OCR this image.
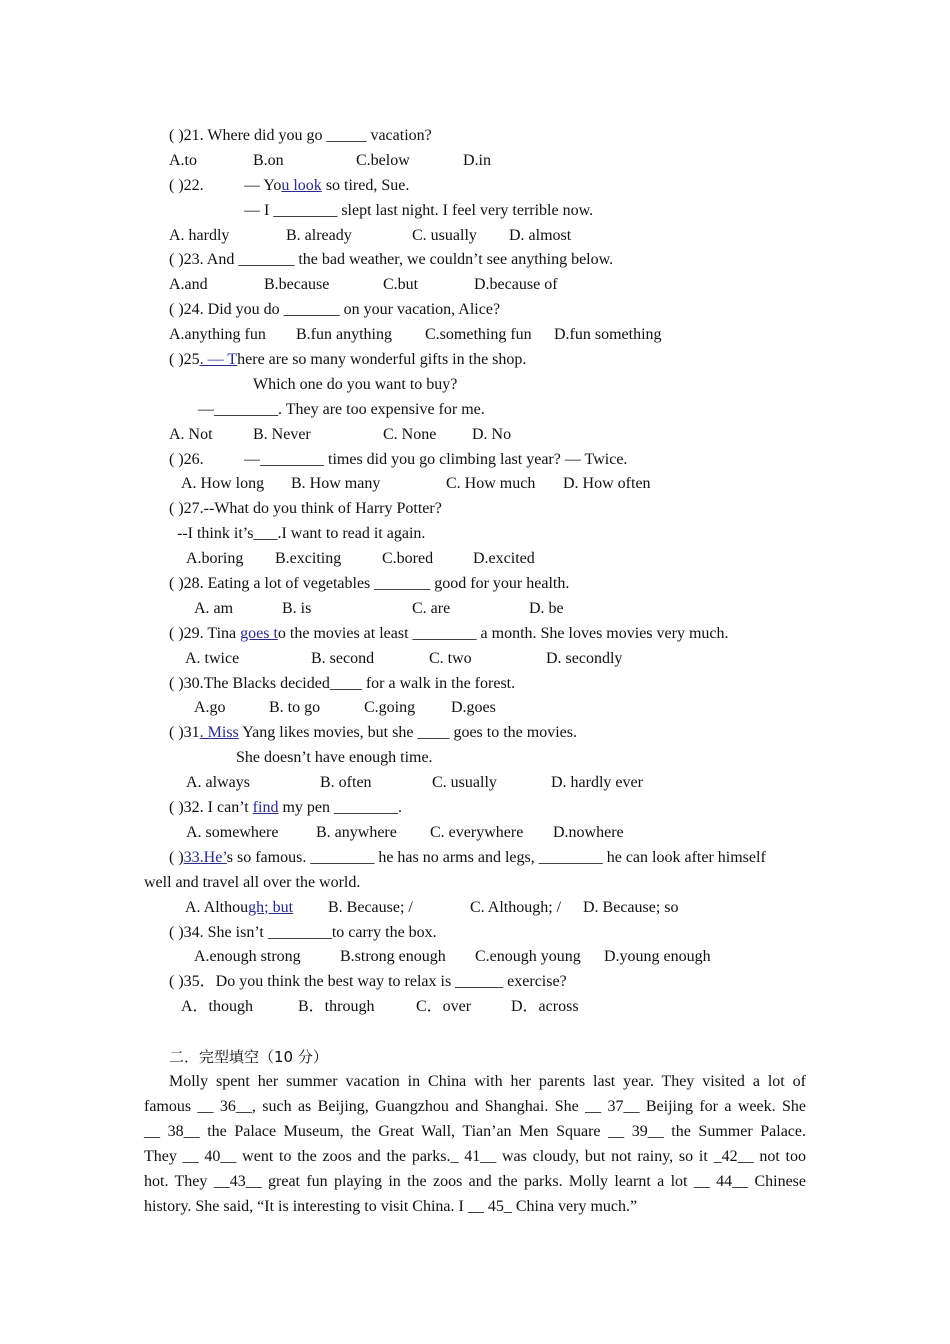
( )21. Where did you go _____ vacation?
A.to	B.on	C.below	D.in
( )22.	— You look so tired, Sue.
— I ________ slept last night. I feel very terrible now.
A. hardly	B. already	C. usually D. almost
( )23. And _______ the bad weather, we couldn’t see anything below.
A.and	B.because	C.but	D.because of
( )24. Did you do _______ on your vacation, Alice?
A.anything fun B.fun anything C.something fun D.fun something
( )25. — There are so many wonderful gifts in the shop.
Which one do you want to buy?
—________. They are too expensive for me.
A. Not	B. Never	C. None D. No
( )26.	—________ times did you go climbing last year? — Twice.
A. How long B. How many	C. How much D. How often
( )27.--What do you think of Harry Potter?
--I think it’s___.I want to read it again.
A.boring B.exciting	C.bored D.excited
( )28. Eating a lot of vegetables _______ good for your health.
A. am	B. is	C. are	D. be
( )29. Tina goes to the movies at least ________ a month. She loves movies very much.
A. twice	B. second	C. two	D. secondly
( )30.The Blacks decided____ for a walk in the forest.
A.go	B. to go	C.going D.goes
( )31. Miss Yang likes movies, but she ____ goes to the movies.
She doesn’t have enough time.
A. always	B. often	C. usually	D. hardly ever
( )32. I can’t find my pen ________.
A. somewhere B. anywhere C. everywhere D.nowhere
( )33.He’s so famous. ________ he has no arms and legs, ________ he can look after himself
well and travel all over the world.
A. Although; but B. Because; /	C. Although; / D. Because; so
( )34. She isn’t ________to carry the box.
A.enough strong B.strong enough C.enough young D.young enough
( )35．Do you think the best way to relax is ______ exercise?
A．though	B．through	C．over D．across
二．完型填空（10 分）
Molly spent her summer vacation in China with her parents last year. They visited a lot of
famous __ 36__, such as Beijing, Guangzhou and Shanghai. She __ 37__ Beijing for a week. She
__ 38__ the Palace Museum, the Great Wall, Tian’an Men Square __ 39__ the Summer Palace.
They __ 40__ went to the zoos and the parks._ 41__ was cloudy, but not rainy, so it _42__ not too
hot. They __43__ great fun playing in the zoos and the parks. Molly learnt a lot __ 44__ Chinese
history. She said, “It is interesting to visit China. I __ 45_ China very much.”
